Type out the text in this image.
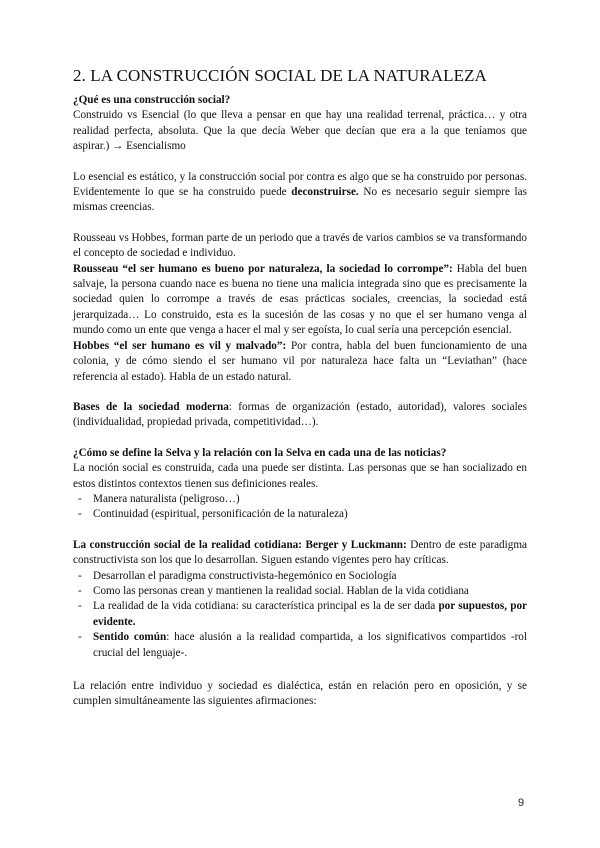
2. LA CONSTRUCCIÓN SOCIAL DE LA NATURALEZA

¿Qué es una construcción social?

Construido vs Esencial (lo que lleva a pensar en que hay una realidad terrenal, práctica… y otra realidad perfecta, absoluta. Que la que decía Weber que decían que era a la que teníamos que aspirar.) → Esencialismo

Lo esencial es estático, y la construcción social por contra es algo que se ha construido por personas. Evidentemente lo que se ha construido puede deconstruirse. No es necesario seguir siempre las mismas creencias.

Rousseau vs Hobbes, forman parte de un periodo que a través de varios cambios se va transformando el concepto de sociedad e individuo.

Rousseau “el ser humano es bueno por naturaleza, la sociedad lo corrompe”: Habla del buen salvaje, la persona cuando nace es buena no tiene una malicia integrada sino que es precisamente la sociedad quien lo corrompe a través de esas prácticas sociales, creencias, la sociedad está jerarquizada… Lo construido, esta es la sucesión de las cosas y no que el ser humano venga al mundo como un ente que venga a hacer el mal y ser egoísta, lo cual sería una percepción esencial.

Hobbes “el ser humano es vil y malvado”: Por contra, habla del buen funcionamiento de una colonia, y de cómo siendo el ser humano vil por naturaleza hace falta un “Leviathan” (hace referencia al estado). Habla de un estado natural.

Bases de la sociedad moderna: formas de organización (estado, autoridad), valores sociales (individualidad, propiedad privada, competitividad…).

¿Cómo se define la Selva y la relación con la Selva en cada una de las noticias?

La noción social es construida, cada una puede ser distinta. Las personas que se han socializado en estos distintos contextos tienen sus definiciones reales.

- Manera naturalista (peligroso…)
- Continuidad (espiritual, personificación de la naturaleza)

La construcción social de la realidad cotidiana: Berger y Luckmann: Dentro de este paradigma constructivista son los que lo desarrollan. Siguen estando vigentes pero hay críticas.

- Desarrollan el paradigma constructivista-hegemónico en Sociología
- Como las personas crean y mantienen la realidad social. Hablan de la vida cotidiana
- La realidad de la vida cotidiana: su característica principal es la de ser dada por supuestos, por evidente.
- Sentido común: hace alusión a la realidad compartida, a los significativos compartidos -rol crucial del lenguaje-.

La relación entre individuo y sociedad es dialéctica, están en relación pero en oposición, y se cumplen simultáneamente las siguientes afirmaciones:

9
